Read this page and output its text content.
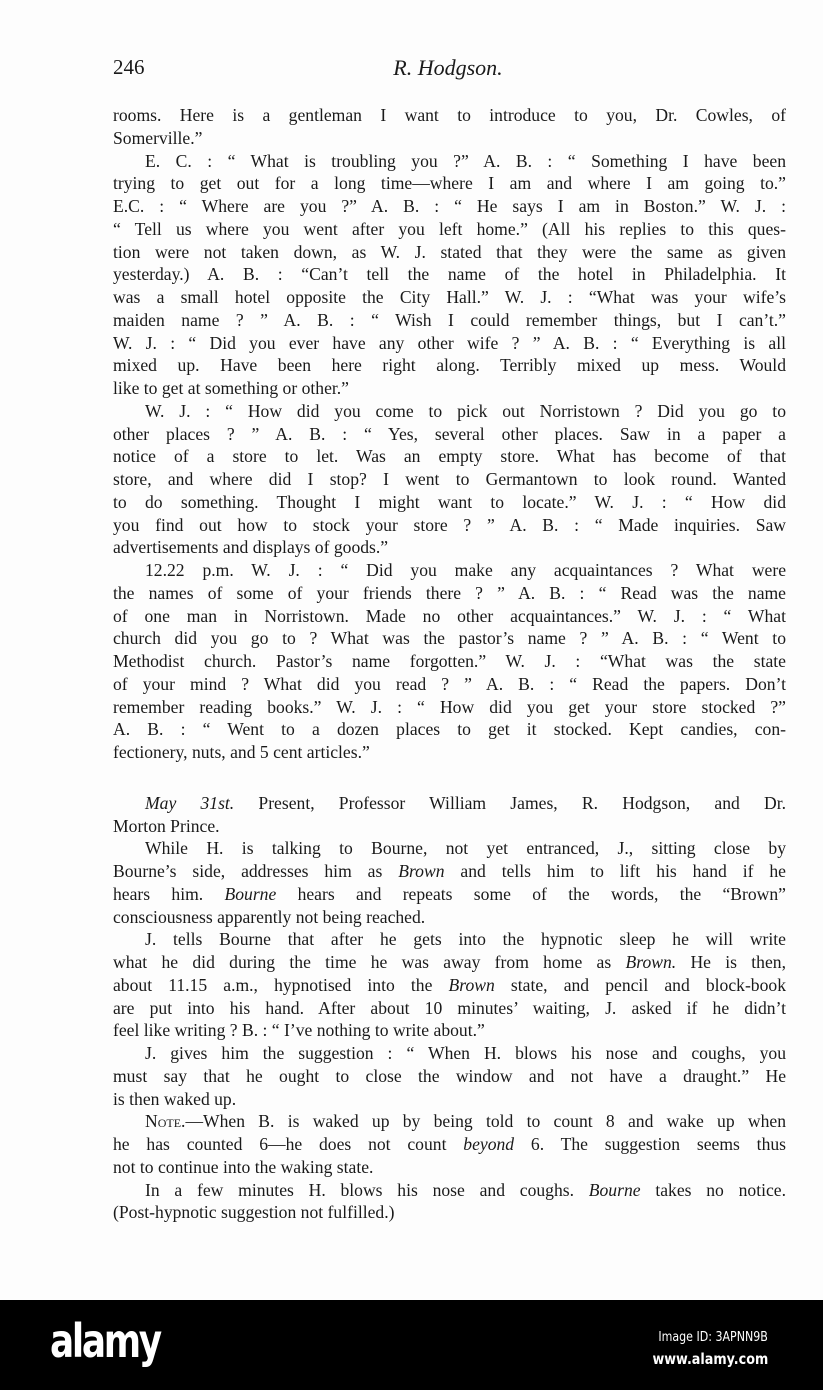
246	R. Hodgson.
rooms. Here is a gentleman I want to introduce to you, Dr. Cowles, of
Somerville.”
E. C. : “ What is troubling you ?” A. B. : “ Something I have been
trying to get out for a long time—where I am and where I am going to.”
E.C. : “ Where are you ?” A. B. : “ He says I am in Boston.” W. J. :
“ Tell us where you went after you left home.” (All his replies to this ques-
tion were not taken down, as W. J. stated that they were the same as given
yesterday.) A. B. : “Can’t tell the name of the hotel in Philadelphia. It
was a small hotel opposite the City Hall.” W. J. : “What was your wife’s
maiden name ? ” A. B. : “ Wish I could remember things, but I can’t.”
W. J. : “ Did you ever have any other wife ? ” A. B. : “ Everything is all
mixed up. Have been here right along. Terribly mixed up mess. Would
like to get at something or other.”
W. J. : “ How did you come to pick out Norristown ? Did you go to
other places ? ” A. B. : “ Yes, several other places. Saw in a paper a
notice of a store to let. Was an empty store. What has become of that
store, and where did I stop? I went to Germantown to look round. Wanted
to do something. Thought I might want to locate.” W. J. : “ How did
you find out how to stock your store ? ” A. B. : “ Made inquiries. Saw
advertisements and displays of goods.”
12.22 p.m. W. J. : “ Did you make any acquaintances ? What were
the names of some of your friends there ? ” A. B. : “ Read was the name
of one man in Norristown. Made no other acquaintances.” W. J. : “ What
church did you go to ? What was the pastor’s name ? ” A. B. : “ Went to
Methodist church. Pastor’s name forgotten.” W. J. : “What was the state
of your mind ? What did you read ? ” A. B. : “ Read the papers. Don’t
remember reading books.” W. J. : “ How did you get your store stocked ?”
A. B. : “ Went to a dozen places to get it stocked. Kept candies, con-
fectionery, nuts, and 5 cent articles.”
May 31st. Present, Professor William James, R. Hodgson, and Dr.
Morton Prince.
While H. is talking to Bourne, not yet entranced, J., sitting close by
Bourne’s side, addresses him as Brown and tells him to lift his hand if he
hears him. Bourne hears and repeats some of the words, the “Brown”
consciousness apparently not being reached.
J. tells Bourne that after he gets into the hypnotic sleep he will write
what he did during the time he was away from home as Brown. He is then,
about 11.15 a.m., hypnotised into the Brown state, and pencil and block-book
are put into his hand. After about 10 minutes’ waiting, J. asked if he didn’t
feel like writing ? B. : “ I’ve nothing to write about.”
J. gives him the suggestion : “ When H. blows his nose and coughs, you
must say that he ought to close the window and not have a draught.” He
is then waked up.
Note.—When B. is waked up by being told to count 8 and wake up when
he has counted 6—he does not count beyond 6. The suggestion seems thus
not to continue into the waking state.
In a few minutes H. blows his nose and coughs. Bourne takes no notice.
(Post-hypnotic suggestion not fulfilled.)
alamy	Image ID: 3APNN9B
www.alamy.com
